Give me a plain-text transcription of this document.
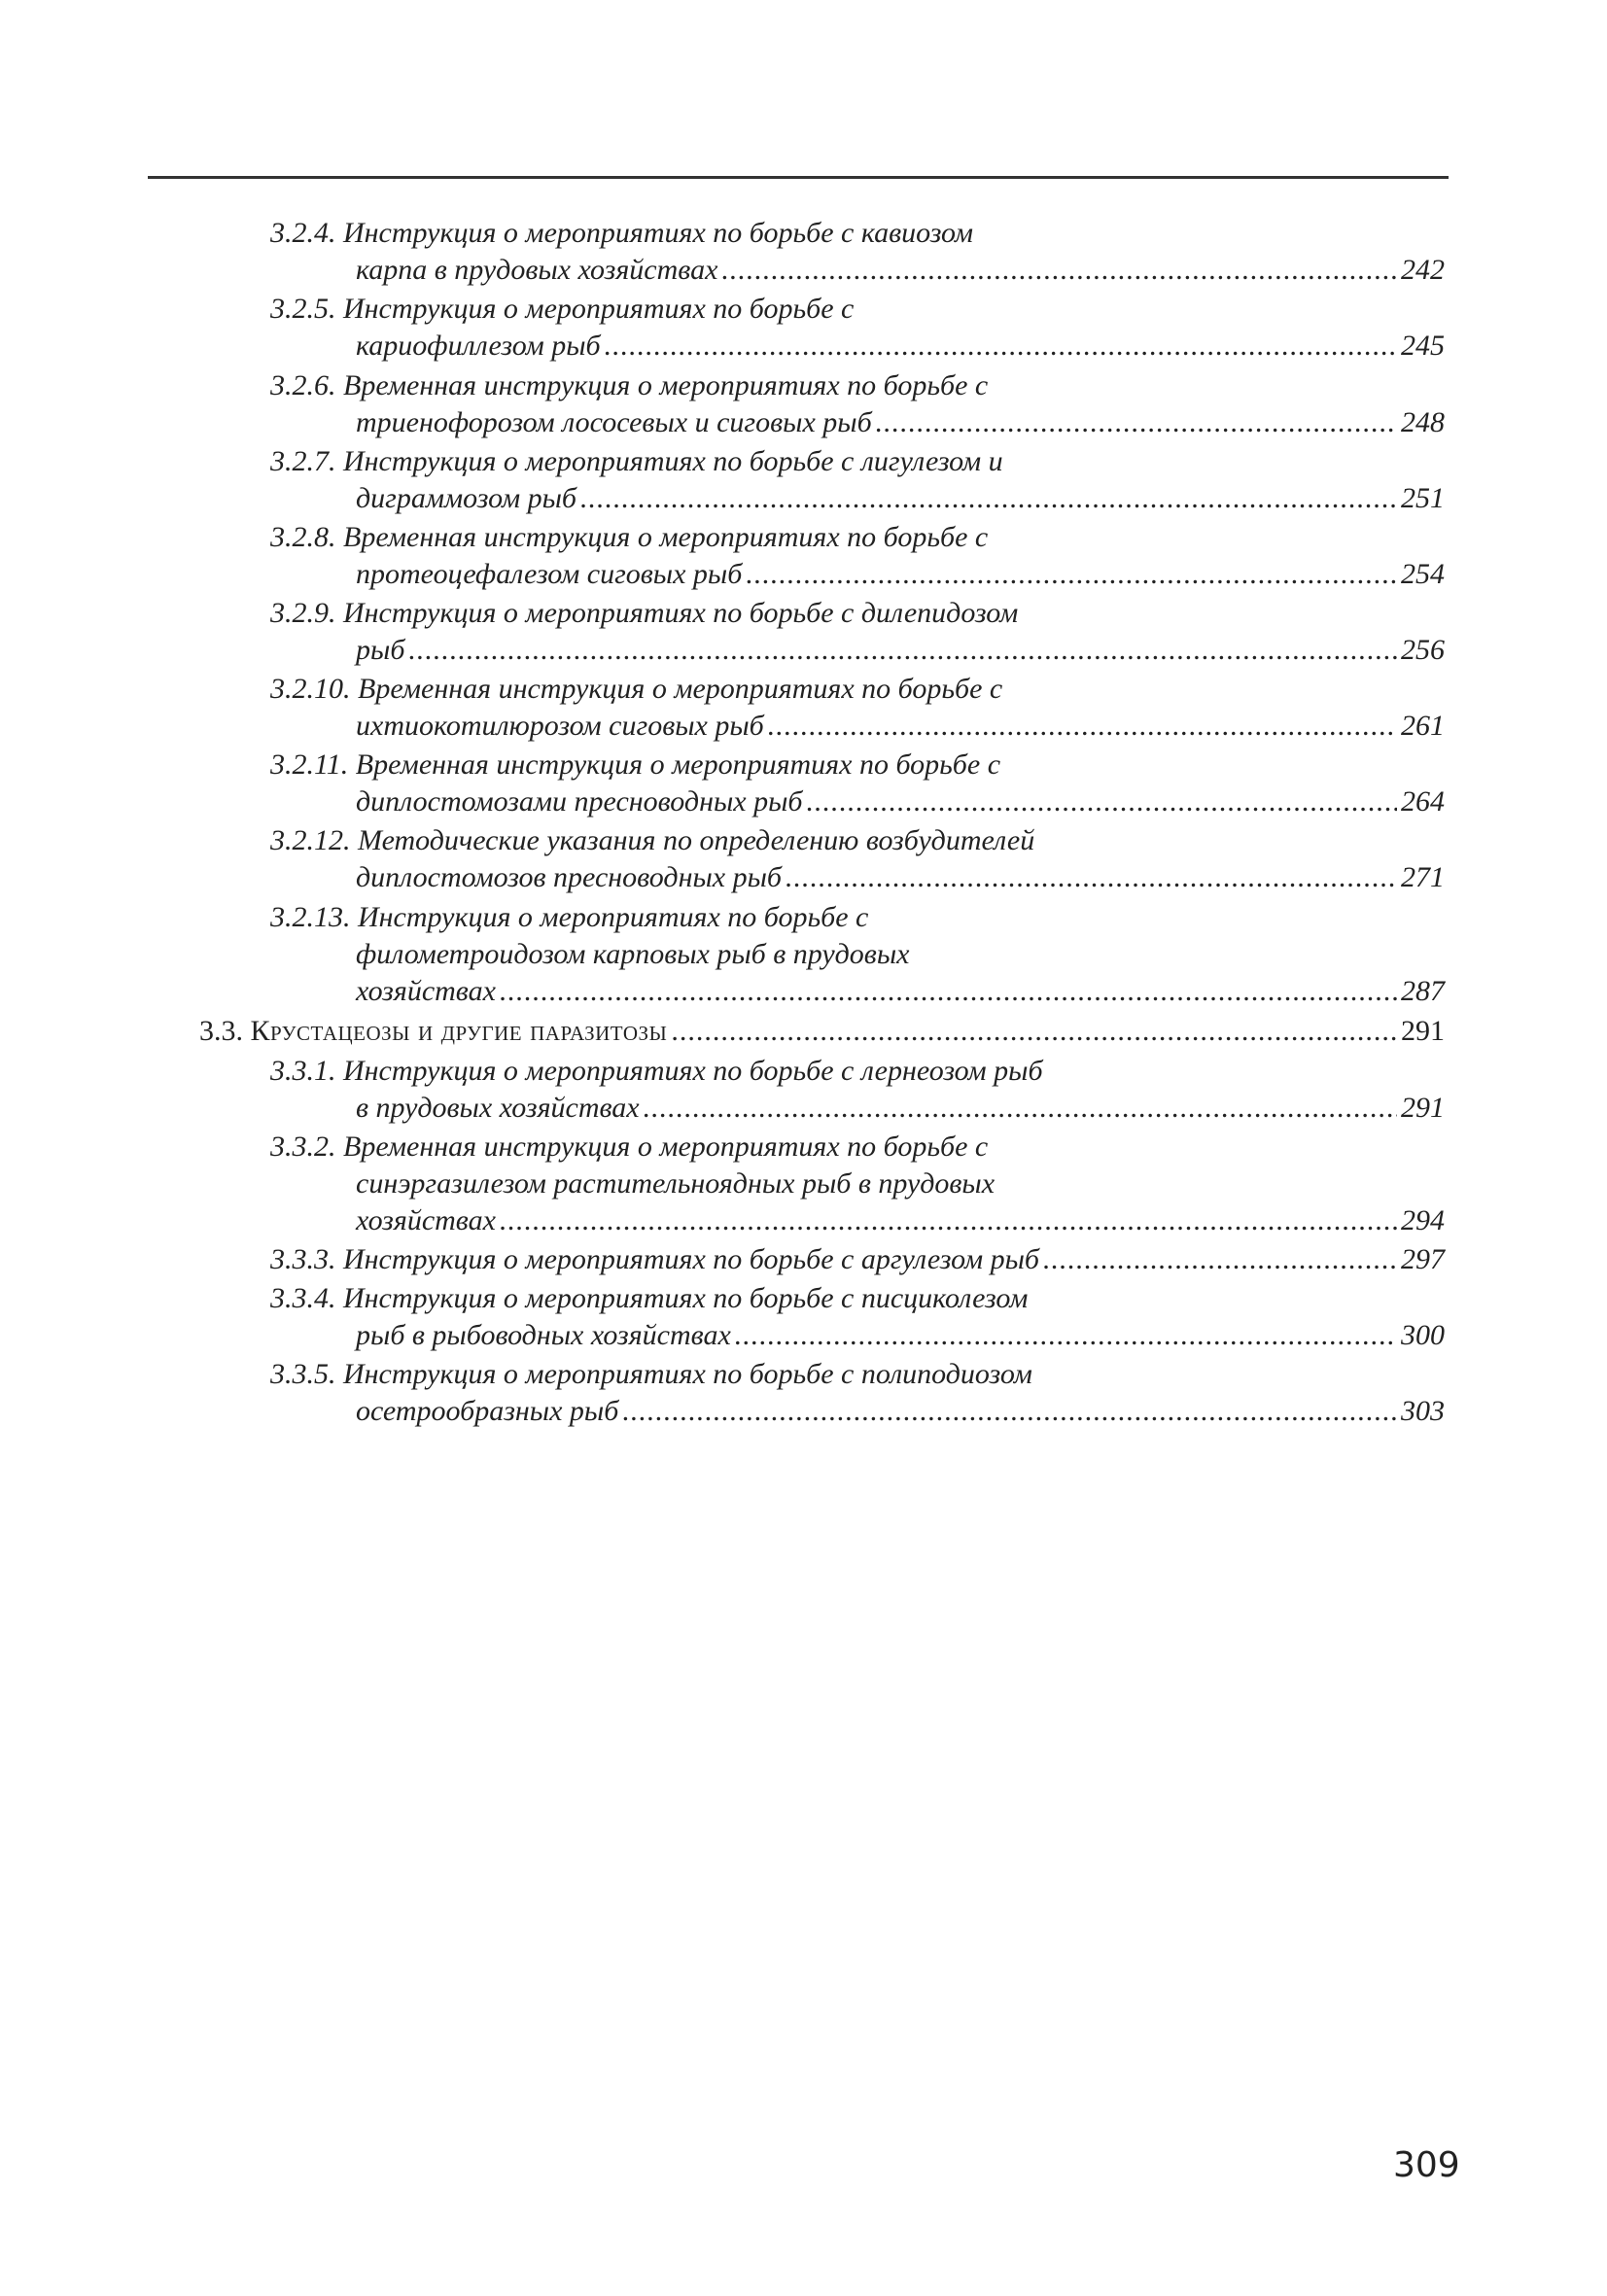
3.2.4. Инструкция о мероприятиях по борьбе с кавиозом
карпа в прудовых хозяйствах .....	242
3.2.5. Инструкция о мероприятиях по борьбе с
кариофиллезом рыб .....	245
3.2.6. Временная инструкция о мероприятиях по борьбе с
триенофорозом лососевых и сиговых рыб .....	248
3.2.7. Инструкция о мероприятиях по борьбе с лигулезом и
диграммозом рыб .....	251
3.2.8. Временная инструкция о мероприятиях по борьбе с
протеоцефалезом сиговых рыб .....	254
3.2.9. Инструкция о мероприятиях по борьбе с дилепидозом
рыб .....	256
3.2.10. Временная инструкция о мероприятиях по борьбе с
ихтиокотилюрозом сиговых рыб .....	261
3.2.11. Временная инструкция о мероприятиях по борьбе с
диплостомозами пресноводных рыб .....	264
3.2.12. Методические указания по определению возбудителей
диплостомозов пресноводных рыб .....	271
3.2.13. Инструкция о мероприятиях по борьбе с
филометроидозом карповых рыб в прудовых
хозяйствах .....	287
3.3. Крустацеозы и другие паразитозы .....	291
3.3.1. Инструкция о мероприятиях по борьбе с лернеозом рыб
в прудовых хозяйствах .....	291
3.3.2. Временная инструкция о мероприятиях по борьбе с
синэргазилезом растительноядных рыб в прудовых
хозяйствах .....	294
3.3.3. Инструкция о мероприятиях по борьбе с аргулезом рыб .....	297
3.3.4. Инструкция о мероприятиях по борьбе с писциколезом
рыб в рыбоводных хозяйствах .....	300
3.3.5. Инструкция о мероприятиях по борьбе с полиподиозом
осетрообразных рыб .....	303
309
